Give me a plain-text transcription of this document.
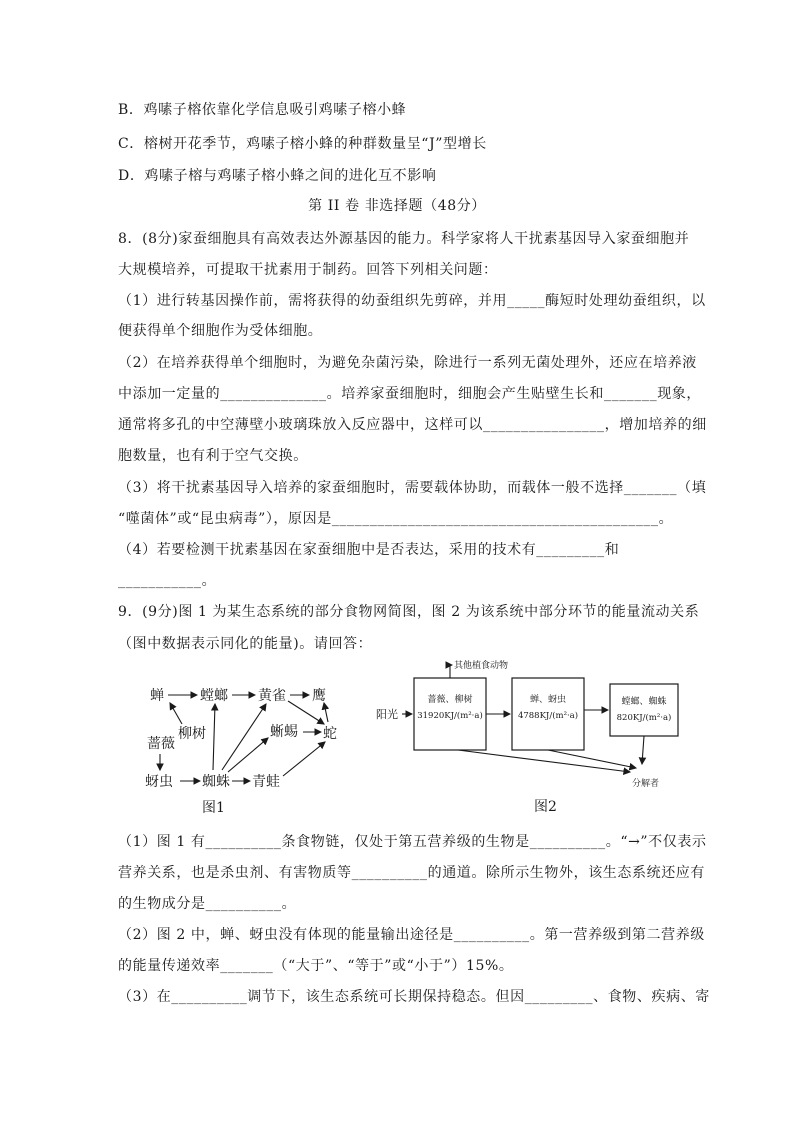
B．鸡嗉子榕依靠化学信息吸引鸡嗉子榕小蜂
C．榕树开花季节，鸡嗉子榕小蜂的种群数量呈“J”型增长
D．鸡嗉子榕与鸡嗉子榕小蜂之间的进化互不影响
第 II 卷 非选择题（48分）
8．(8分)家蚕细胞具有高效表达外源基因的能力。科学家将人干扰素基因导入家蚕细胞并
大规模培养，可提取干扰素用于制药。回答下列相关问题：
（1）进行转基因操作前，需将获得的幼蚕组织先剪碎，并用_____酶短时处理幼蚕组织，以
便获得单个细胞作为受体细胞。
（2）在培养获得单个细胞时，为避免杂菌污染，除进行一系列无菌处理外，还应在培养液
中添加一定量的______________。培养家蚕细胞时，细胞会产生贴壁生长和_______现象，
通常将多孔的中空薄壁小玻璃珠放入反应器中，这样可以________________，增加培养的细
胞数量，也有利于空气交换。
（3）将干扰素基因导入培养的家蚕细胞时，需要载体协助，而载体一般不选择_______（填
“噬菌体”或“昆虫病毒”），原因是___________________________________________。
（4）若要检测干扰素基因在家蚕细胞中是否表达，采用的技术有_________和
___________。
9．(9分)图 1 为某生态系统的部分食物网简图，图 2 为该系统中部分环节的能量流动关系
（图中数据表示同化的能量)。请回答：
蝉	螳螂 黄雀 鹰
柳树	蜥蜴 蛇
蔷薇
蚜虫 蜘蛛 青蛙
图1
阳光
其他植食动物
蔷薇、柳树
31920KJ/(m²·a)
蝉、蚜虫
4788KJ/(m²·a)
螳螂、蜘蛛
820KJ/(m²·a)
分解者
图2
（1）图 1 有__________条食物链，仅处于第五营养级的生物是__________。“→”不仅表示
营养关系，也是杀虫剂、有害物质等__________的通道。除所示生物外，该生态系统还应有
的生物成分是__________。
（2）图 2 中，蝉、蚜虫没有体现的能量输出途径是__________。第一营养级到第二营养级
的能量传递效率_______（“大于”、“等于”或“小于”）15%。
（3）在__________调节下，该生态系统可长期保持稳态。但因_________、食物、疾病、寄
